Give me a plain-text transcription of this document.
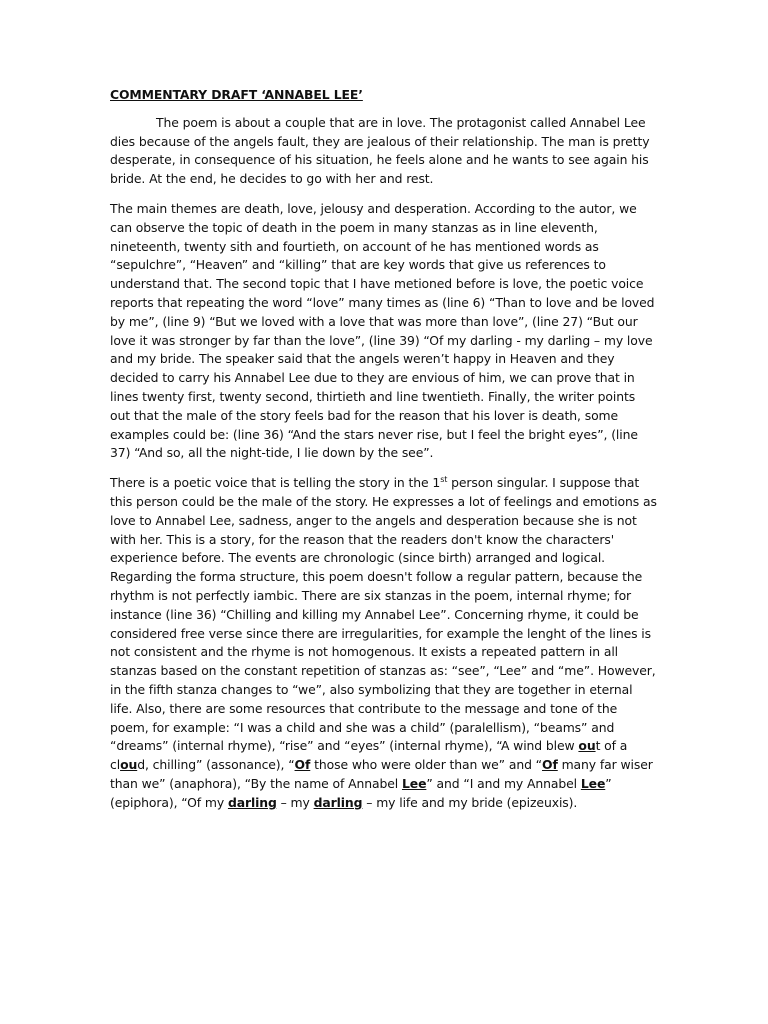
COMMENTARY DRAFT ‘ANNABEL LEE’
The poem is about a couple that are in love. The protagonist called Annabel Lee dies because of the angels fault, they are jealous of their relationship. The man is pretty desperate, in consequence of his situation, he feels alone and he wants to see again his bride. At the end, he decides to go with her and rest.
The main themes are death, love, jelousy and desperation. According to the autor, we can observe the topic of death in the poem in many stanzas as in line eleventh, nineteenth, twenty sith and fourtieth, on account of he has mentioned words as “sepulchre”, “Heaven” and “killing” that are key words that give us references to understand that. The second topic that I have metioned before is love, the poetic voice reports that repeating the word “love” many times as (line 6) “Than to love and be loved by me”, (line 9) “But we loved with a love that was more than love”, (line 27) “But our love it was stronger by far than the love”, (line 39) “Of my darling - my darling – my love and my bride. The speaker said that the angels weren’t happy in Heaven and they decided to carry his Annabel Lee due to they are envious of him, we can prove that in lines twenty first, twenty second, thirtieth and line twentieth. Finally, the writer points out that the male of the story feels bad for the reason that his lover is death, some examples could be: (line 36) “And the stars never rise, but I feel the bright eyes”, (line 37) “And so, all the night-tide, I lie down by the see”.
There is a poetic voice that is telling the story in the 1st person singular. I suppose that this person could be the male of the story. He expresses a lot of feelings and emotions as love to Annabel Lee, sadness, anger to the angels and desperation because she is not with her. This is a story, for the reason that the readers don't know the characters' experience before. The events are chronologic (since birth) arranged and logical. Regarding the forma structure, this poem doesn't follow a regular pattern, because the rhythm is not perfectly iambic. There are six stanzas in the poem, internal rhyme; for instance (line 36) “Chilling and killing my Annabel Lee”. Concerning rhyme, it could be considered free verse since there are irregularities, for example the lenght of the lines is not consistent and the rhyme is not homogenous. It exists a repeated pattern in all stanzas based on the constant repetition of stanzas as: “see”, “Lee” and “me”. However, in the fifth stanza changes to “we”, also symbolizing that they are together in eternal life. Also, there are some resources that contribute to the message and tone of the poem, for example: “I was a child and she was a child” (paralellism), “beams” and “dreams” (internal rhyme), “rise” and “eyes” (internal rhyme), “A wind blew out of a cloud, chilling” (assonance), “Of those who were older than we” and “Of many far wiser than we” (anaphora), “By the name of Annabel Lee” and “I and my Annabel Lee” (epiphora), “Of my darling – my darling – my life and my bride (epizeuxis).
